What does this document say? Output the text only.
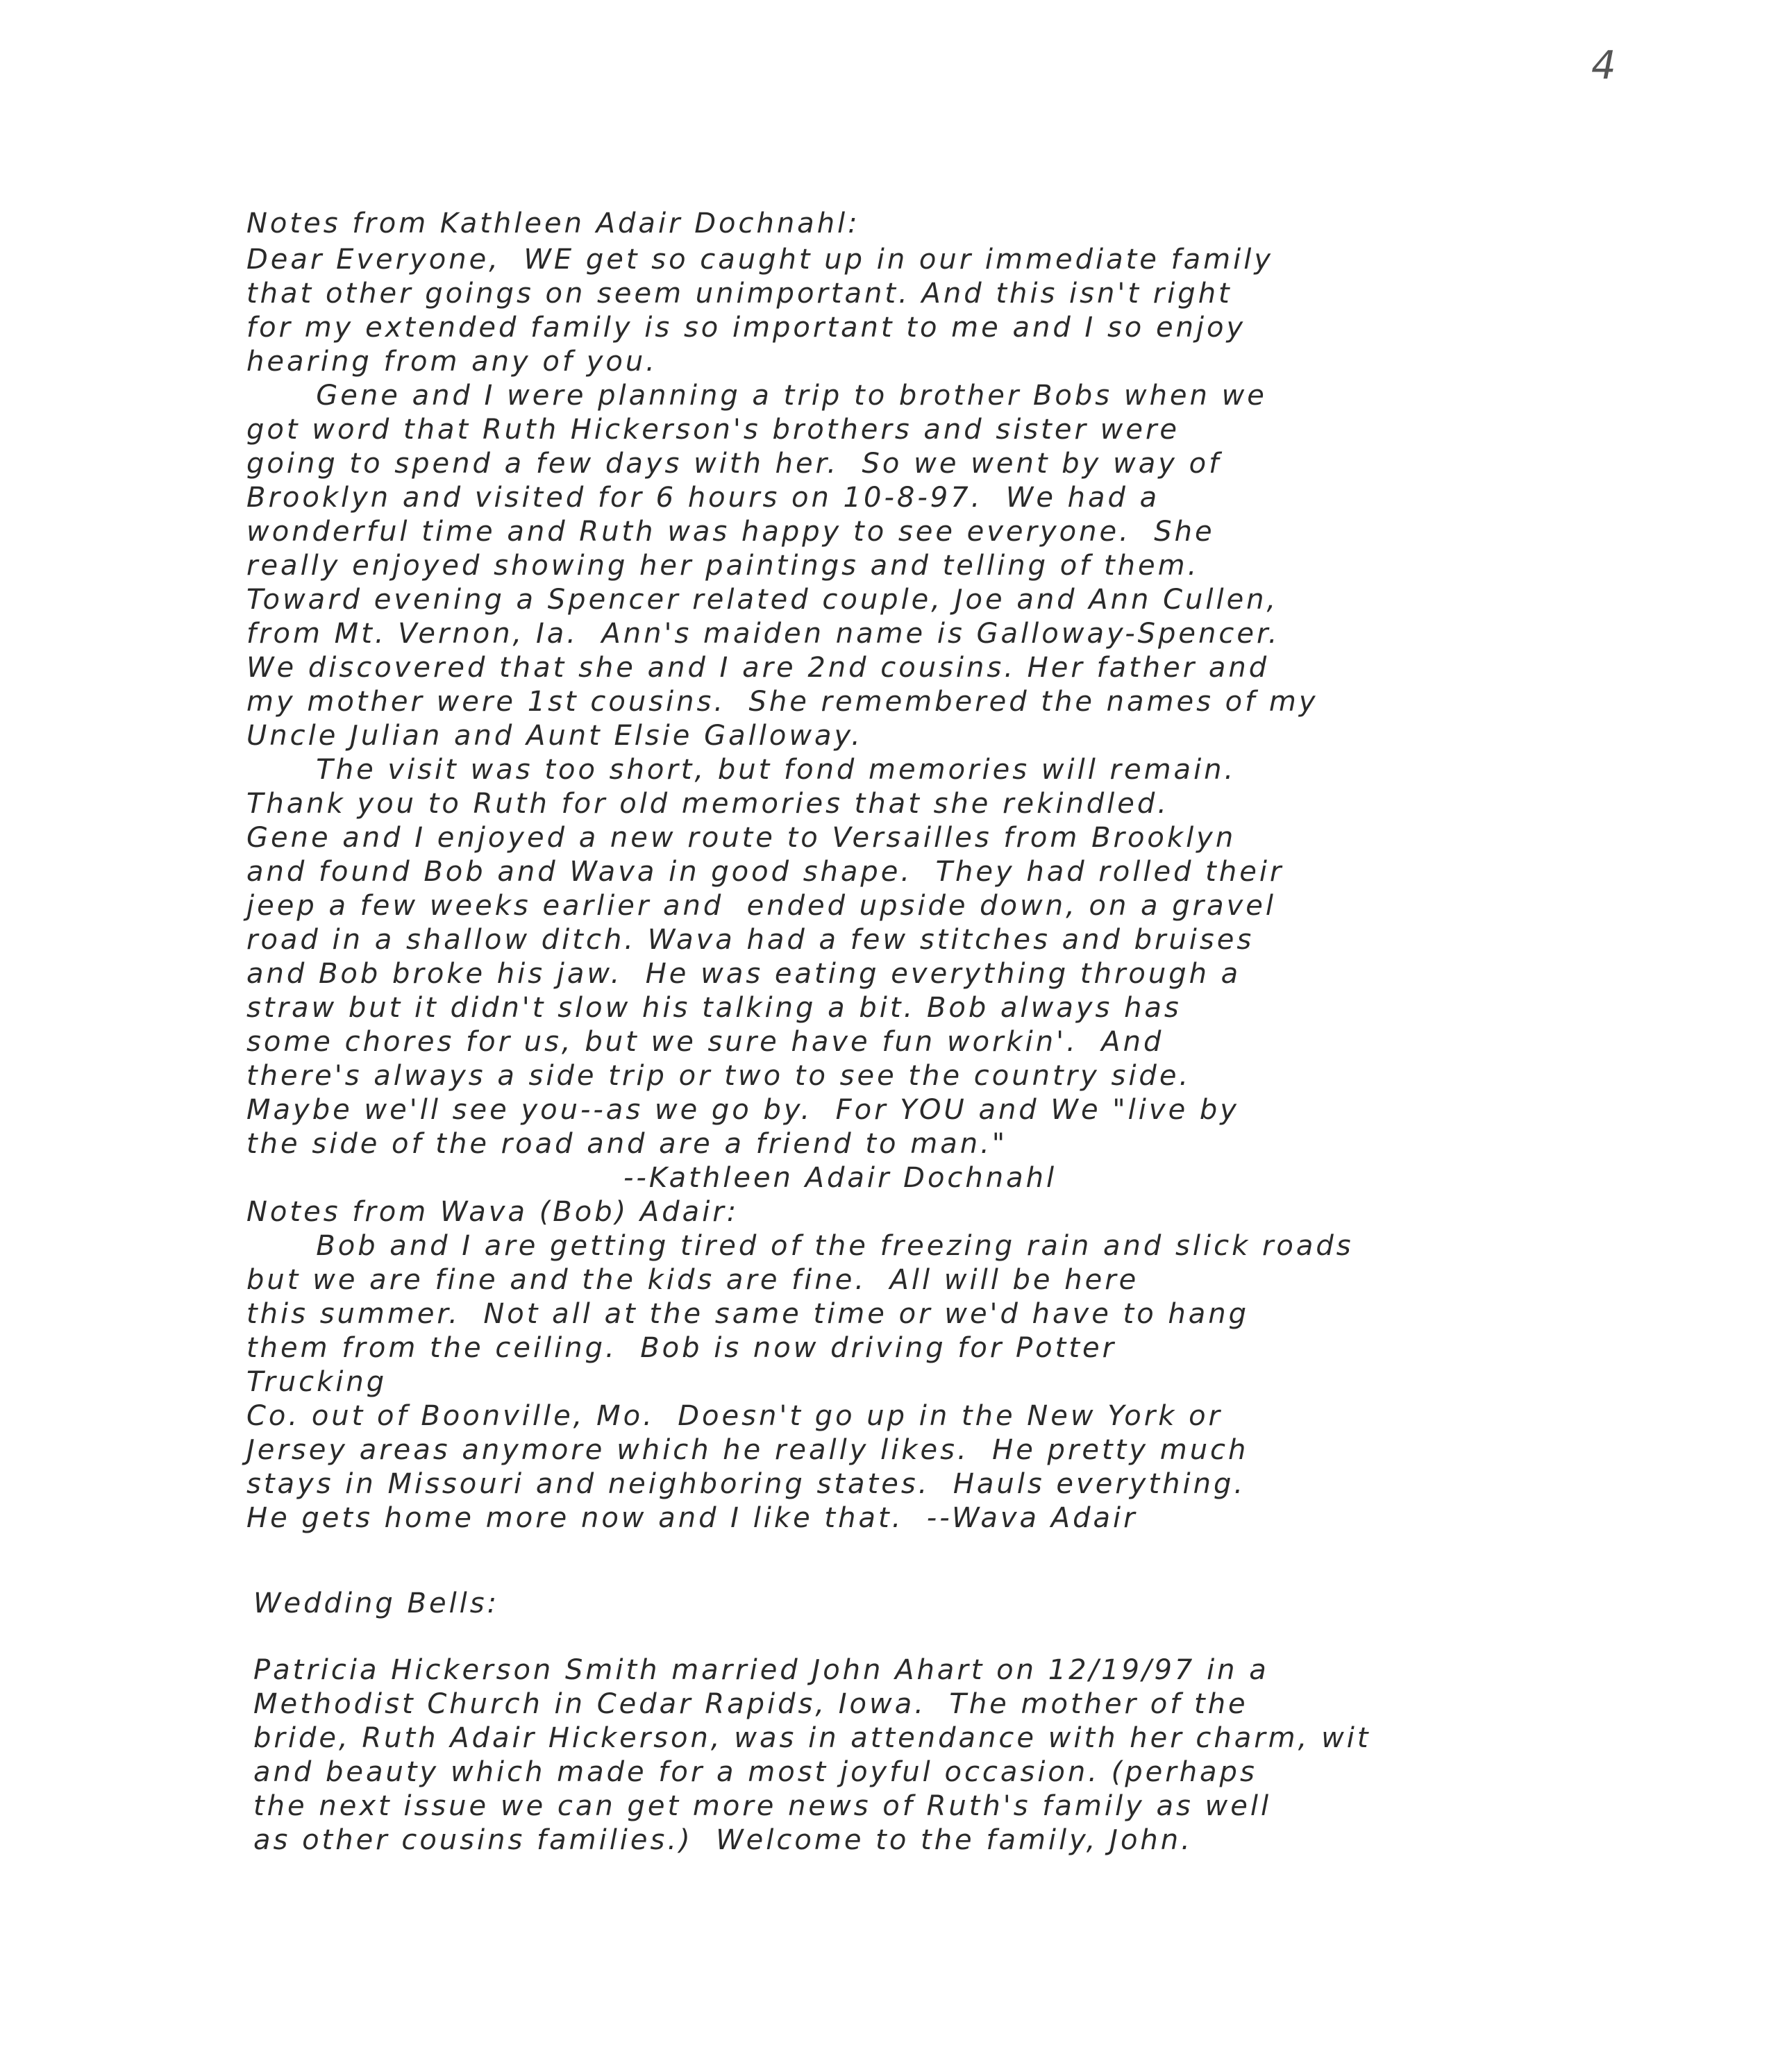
4
Notes from Kathleen Adair Dochnahl:
Dear Everyone,  WE get so caught up in our immediate family
that other goings on seem unimportant. And this isn't right
for my extended family is so important to me and I so enjoy
hearing from any of you.
Gene and I were planning a trip to brother Bobs when we
got word that Ruth Hickerson's brothers and sister were
going to spend a few days with her.  So we went by way of
Brooklyn and visited for 6 hours on 10-8-97.  We had a
wonderful time and Ruth was happy to see everyone.  She
really enjoyed showing her paintings and telling of them.
Toward evening a Spencer related couple, Joe and Ann Cullen,
from Mt. Vernon, Ia.  Ann's maiden name is Galloway-Spencer.
We discovered that she and I are 2nd cousins. Her father and
my mother were 1st cousins.  She remembered the names of my
Uncle Julian and Aunt Elsie Galloway.
The visit was too short, but fond memories will remain.
Thank you to Ruth for old memories that she rekindled.
Gene and I enjoyed a new route to Versailles from Brooklyn
and found Bob and Wava in good shape.  They had rolled their
jeep a few weeks earlier and  ended upside down, on a gravel
road in a shallow ditch. Wava had a few stitches and bruises
and Bob broke his jaw.  He was eating everything through a
straw but it didn't slow his talking a bit. Bob always has
some chores for us, but we sure have fun workin'.  And
there's always a side trip or two to see the country side.
Maybe we'll see you--as we go by.  For YOU and We "live by
the side of the road and are a friend to man."
--Kathleen Adair Dochnahl
Notes from Wava (Bob) Adair:
Bob and I are getting tired of the freezing rain and slick roads
but we are fine and the kids are fine.  All will be here
this summer.  Not all at the same time or we'd have to hang
them from the ceiling.  Bob is now driving for Potter
Trucking
Co. out of Boonville, Mo.  Doesn't go up in the New York or
Jersey areas anymore which he really likes.  He pretty much
stays in Missouri and neighboring states.  Hauls everything.
He gets home more now and I like that.  --Wava Adair
Wedding Bells:
Patricia Hickerson Smith married John Ahart on 12/19/97 in a
Methodist Church in Cedar Rapids, Iowa.  The mother of the
bride, Ruth Adair Hickerson, was in attendance with her charm, wit
and beauty which made for a most joyful occasion. (perhaps
the next issue we can get more news of Ruth's family as well
as other cousins families.)  Welcome to the family, John.
